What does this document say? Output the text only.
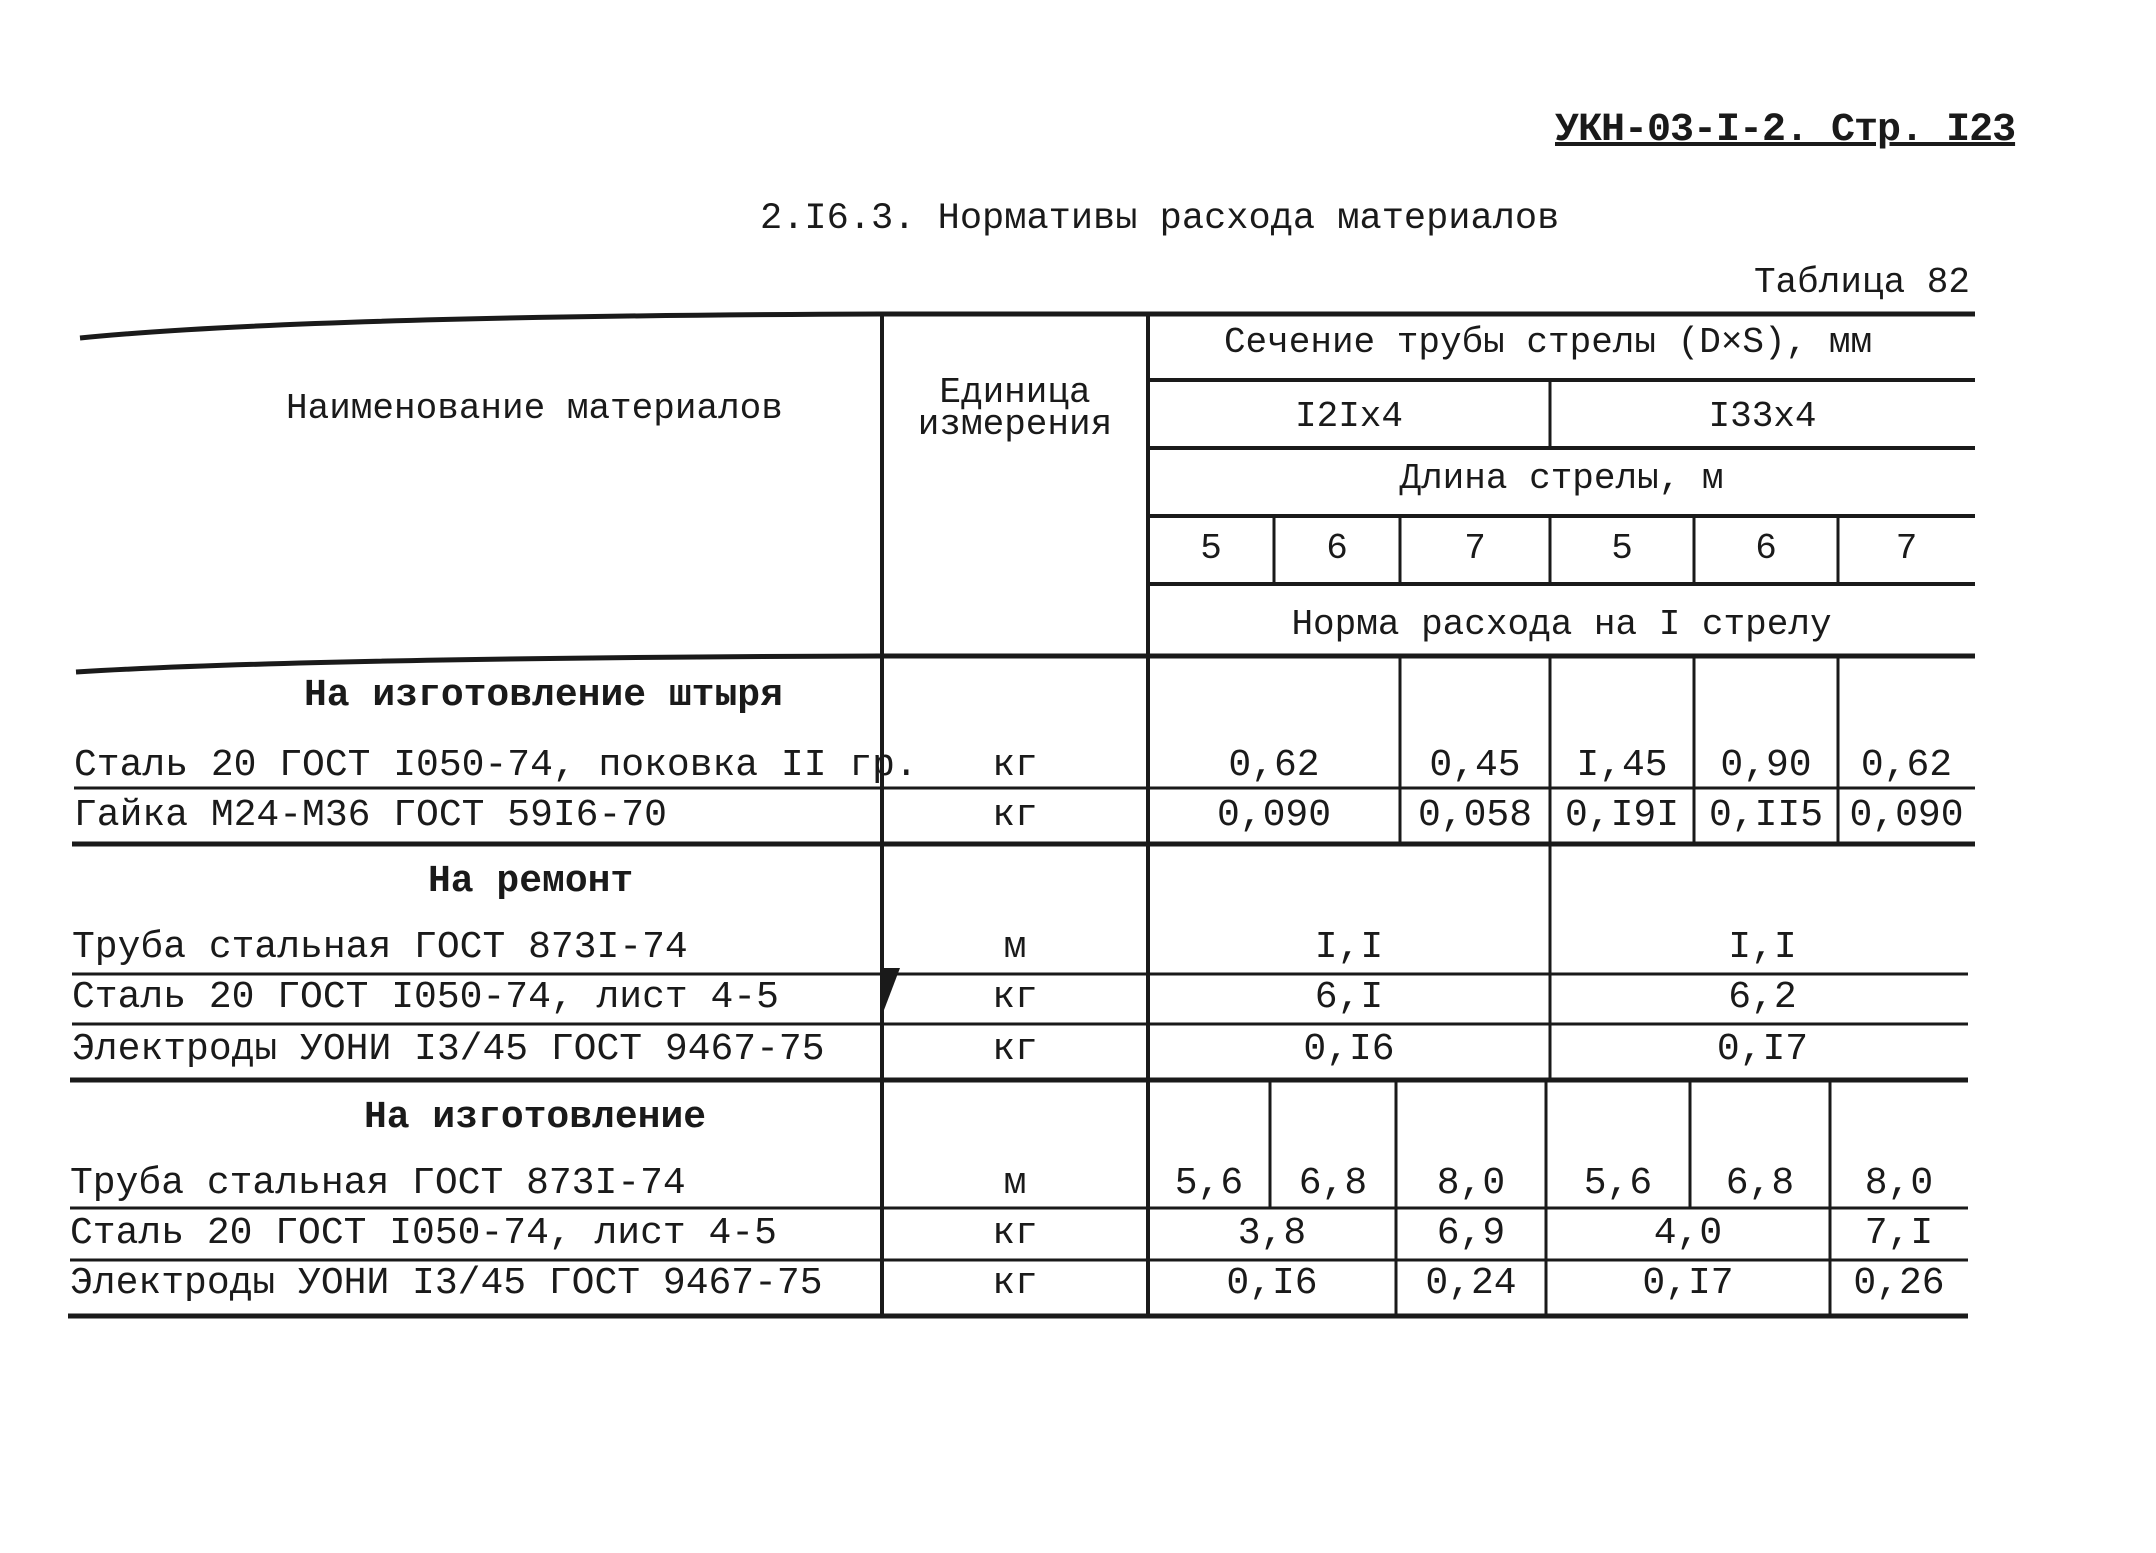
УКН-03-I-2. Стр. I23
2.I6.3. Нормативы расхода материалов
Таблица 82
Наименование материалов	Единица
измерения
Сечение трубы стрелы (D×S), мм
I2Ix4	I33x4
Длина стрелы, м
5	6	7	5	6	7
Норма расхода на I стрелу
На изготовление штыря
Сталь 20 ГОСТ I050-74, поковка II гр.	кг	0,62	0,45	I,45	0,90	0,62
Гайка М24-М36 ГОСТ 59I6-70	кг	0,090	0,058 0,I9I 0,II5 0,090
На ремонт
Труба стальная ГОСТ 873I-74	м	I,I	I,I
Сталь 20 ГОСТ I050-74, лист 4-5	кг	6,I	6,2
Электроды УОНИ I3/45 ГОСТ 9467-75	кг	0,I6	0,I7
На изготовление
Труба стальная ГОСТ 873I-74	м	5,6	6,8	8,0	5,6	6,8	8,0
Сталь 20 ГОСТ I050-74, лист 4-5	кг	3,8	6,9	4,0	7,I
Электроды УОНИ I3/45 ГОСТ 9467-75	кг	0,I6	0,24	0,I7	0,26
